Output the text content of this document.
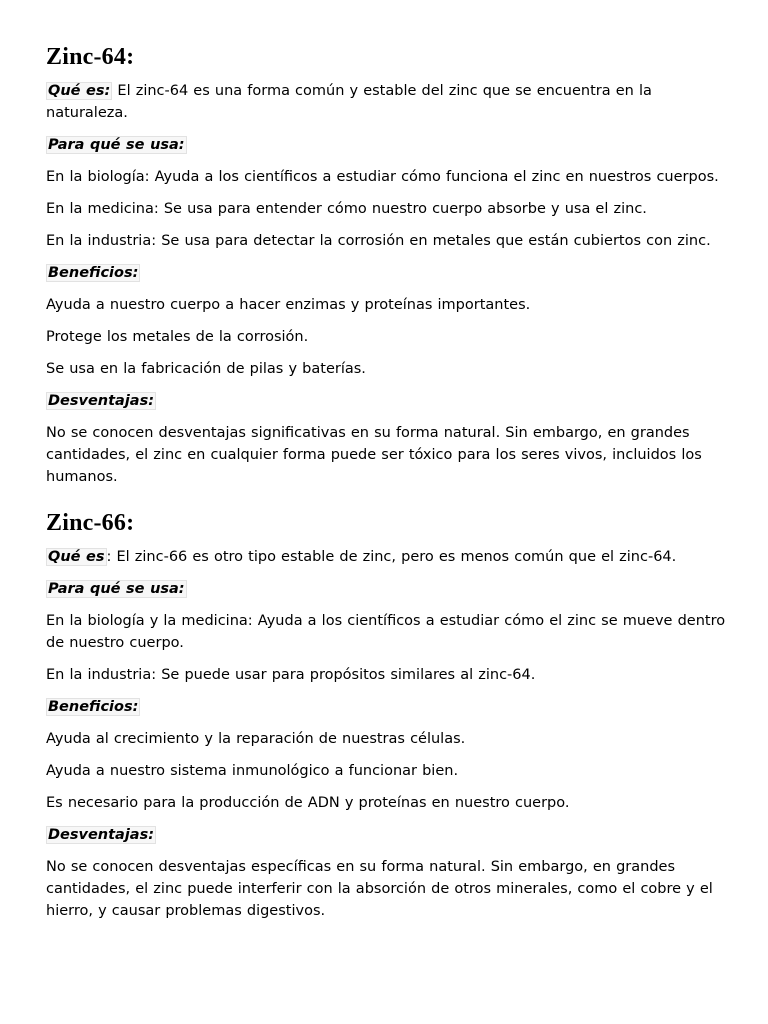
Zinc-64:

Qué es: El zinc-64 es una forma común y estable del zinc que se encuentra en la naturaleza.

Para qué se usa:

En la biología: Ayuda a los científicos a estudiar cómo funciona el zinc en nuestros cuerpos.

En la medicina: Se usa para entender cómo nuestro cuerpo absorbe y usa el zinc.

En la industria: Se usa para detectar la corrosión en metales que están cubiertos con zinc.

Beneficios:

Ayuda a nuestro cuerpo a hacer enzimas y proteínas importantes.

Protege los metales de la corrosión.

Se usa en la fabricación de pilas y baterías.

Desventajas:

No se conocen desventajas significativas en su forma natural. Sin embargo, en grandes cantidades, el zinc en cualquier forma puede ser tóxico para los seres vivos, incluidos los humanos.

Zinc-66:

Qué es : El zinc-66 es otro tipo estable de zinc, pero es menos común que el zinc-64.

Para qué se usa:

En la biología y la medicina: Ayuda a los científicos a estudiar cómo el zinc se mueve dentro de nuestro cuerpo.

En la industria: Se puede usar para propósitos similares al zinc-64.

Beneficios:

Ayuda al crecimiento y la reparación de nuestras células.

Ayuda a nuestro sistema inmunológico a funcionar bien.

Es necesario para la producción de ADN y proteínas en nuestro cuerpo.

Desventajas:

No se conocen desventajas específicas en su forma natural. Sin embargo, en grandes cantidades, el zinc puede interferir con la absorción de otros minerales, como el cobre y el hierro, y causar problemas digestivos.
